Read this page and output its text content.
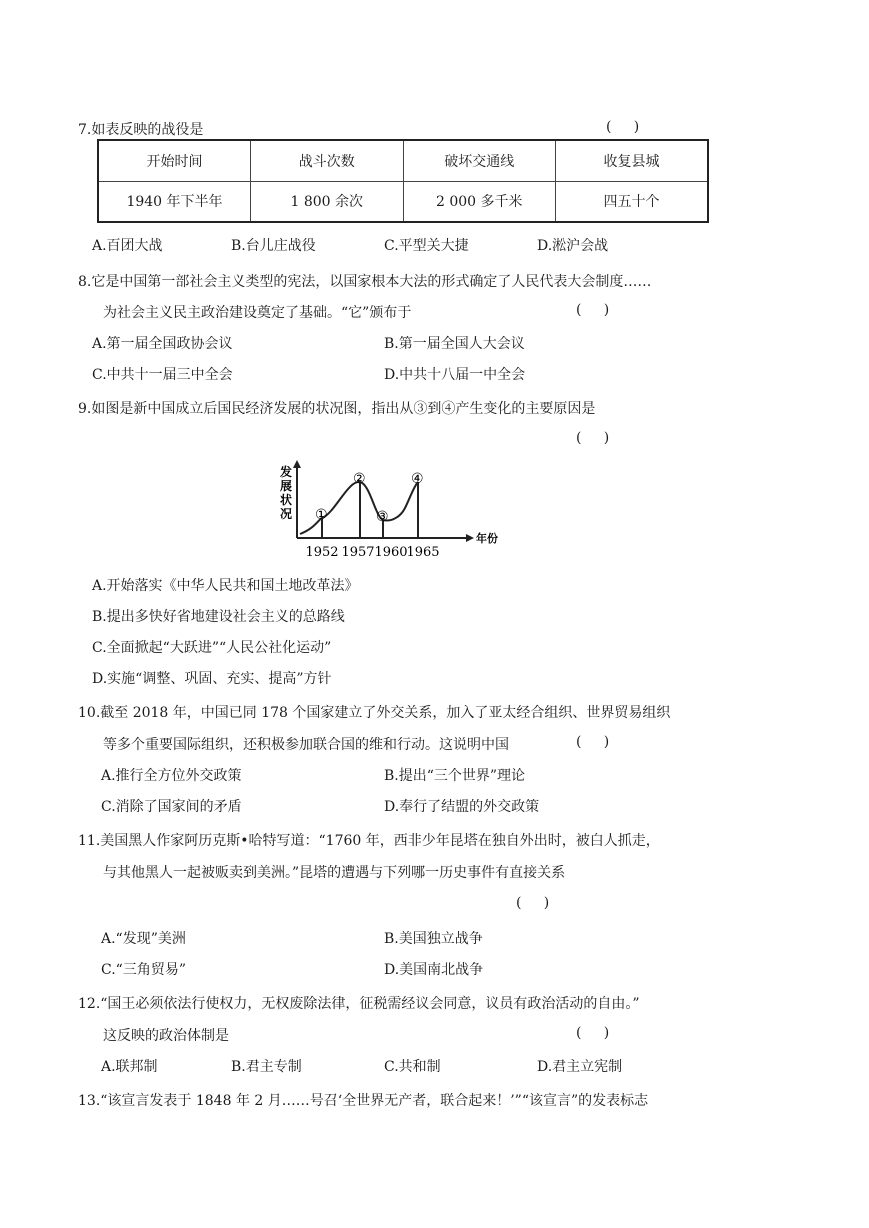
7.如表反映的战役是	(     )
开始时间	战斗次数	破坏交通线	收复县城
1940 年下半年	1 800 余次	2 000 多千米	四五十个
A.百团大战	B.台儿庄战役	C.平型关大捷	D.淞沪会战
8.它是中国第一部社会主义类型的宪法，以国家根本大法的形式确定了人民代表大会制度……
为社会主义民主政治建设奠定了基础。“它”颁布于	(     )
A.第一届全国政协会议	B.第一届全国人大会议
C.中共十一届三中全会	D.中共十八届一中全会
9.如图是新中国成立后国民经济发展的状况图，指出从③到④产生变化的主要原因是
(     )
发
展
状
况
年份
①
②
③
④
1952 1957 1960
1965
A.开始落实《中华人民共和国土地改革法》
B.提出多快好省地建设社会主义的总路线
C.全面掀起“大跃进”“人民公社化运动”
D.实施“调整、巩固、充实、提高”方针
10.截至 2018 年，中国已同 178 个国家建立了外交关系，加入了亚太经合组织、世界贸易组织
等多个重要国际组织，还积极参加联合国的维和行动。这说明中国	(     )
A.推行全方位外交政策	B.提出“三个世界”理论
C.消除了国家间的矛盾	D.奉行了结盟的外交政策
11.美国黑人作家阿历克斯•哈特写道：“1760 年，西非少年昆塔在独自外出时，被白人抓走，
与其他黑人一起被贩卖到美洲。”昆塔的遭遇与下列哪一历史事件有直接关系
(     )
A.“发现”美洲	B.美国独立战争
C.“三角贸易”	D.美国南北战争
12.“国王必须依法行使权力，无权废除法律，征税需经议会同意，议员有政治活动的自由。”
这反映的政治体制是	(     )
A.联邦制	B.君主专制	C.共和制	D.君主立宪制
13.“该宣言发表于 1848 年 2 月……号召‘全世界无产者，联合起来！’”“该宣言”的发表标志
